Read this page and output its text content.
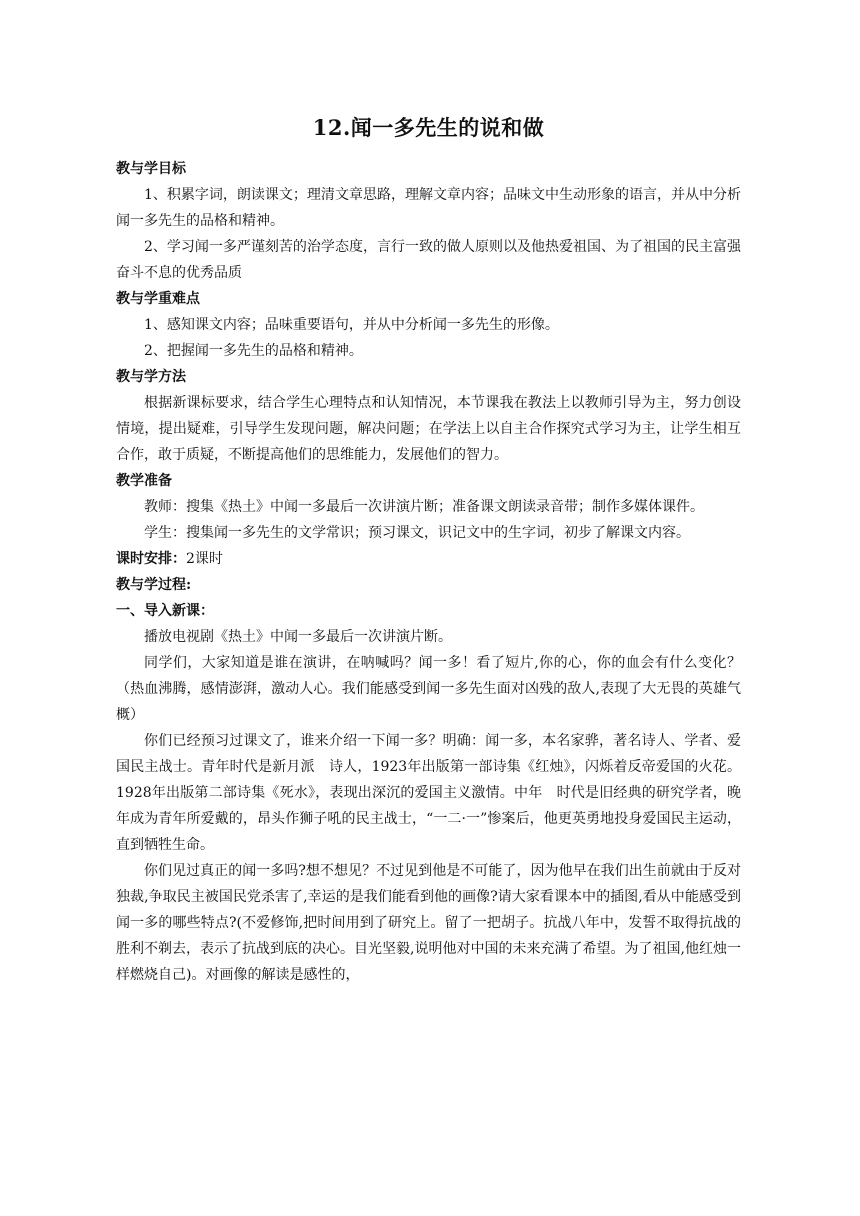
12.闻一多先生的说和做
教与学目标
1、积累字词，朗读课文；理清文章思路，理解文章内容；品味文中生动形象的语言，并从中分析闻一多先生的品格和精神。
2、学习闻一多严谨刻苦的治学态度，言行一致的做人原则以及他热爱祖国、为了祖国的民主富强奋斗不息的优秀品质
教与学重难点
1、感知课文内容；品味重要语句，并从中分析闻一多先生的形像。
2、把握闻一多先生的品格和精神。
教与学方法
根据新课标要求，结合学生心理特点和认知情况，本节课我在教法上以教师引导为主，努力创设情境，提出疑难，引导学生发现问题，解决问题；在学法上以自主合作探究式学习为主，让学生相互合作，敢于质疑，不断提高他们的思维能力，发展他们的智力。
教学准备
教师：搜集《热土》中闻一多最后一次讲演片断；准备课文朗读录音带；制作多媒体课件。
学生：搜集闻一多先生的文学常识；预习课文，识记文中的生字词，初步了解课文内容。
课时安排：2课时
教与学过程:
一、导入新课：
播放电视剧《热土》中闻一多最后一次讲演片断。
同学们，大家知道是谁在演讲，在呐喊吗？闻一多！看了短片,你的心，你的血会有什么变化？（热血沸腾，感情澎湃，激动人心。我们能感受到闻一多先生面对凶残的敌人,表现了大无畏的英雄气概）
你们已经预习过课文了，谁来介绍一下闻一多？明确：闻一多，本名家骅，著名诗人、学者、爱国民主战士。青年时代是新月派　诗人，1923年出版第一部诗集《红烛》，闪烁着反帝爱国的火花。1928年出版第二部诗集《死水》，表现出深沉的爱国主义激情。中年　时代是旧经典的研究学者，晚年成为青年所爱戴的，昂头作狮子吼的民主战士，“一二·一”惨案后，他更英勇地投身爱国民主运动，直到牺牲生命。
你们见过真正的闻一多吗?想不想见？不过见到他是不可能了，因为他早在我们出生前就由于反对独裁,争取民主被国民党杀害了,幸运的是我们能看到他的画像?请大家看课本中的插图,看从中能感受到闻一多的哪些特点?(不爱修饰,把时间用到了研究上。留了一把胡子。抗战八年中，发誓不取得抗战的胜利不剃去，表示了抗战到底的决心。目光坚毅,说明他对中国的未来充满了希望。为了祖国,他红烛一样燃烧自己)。对画像的解读是感性的，
